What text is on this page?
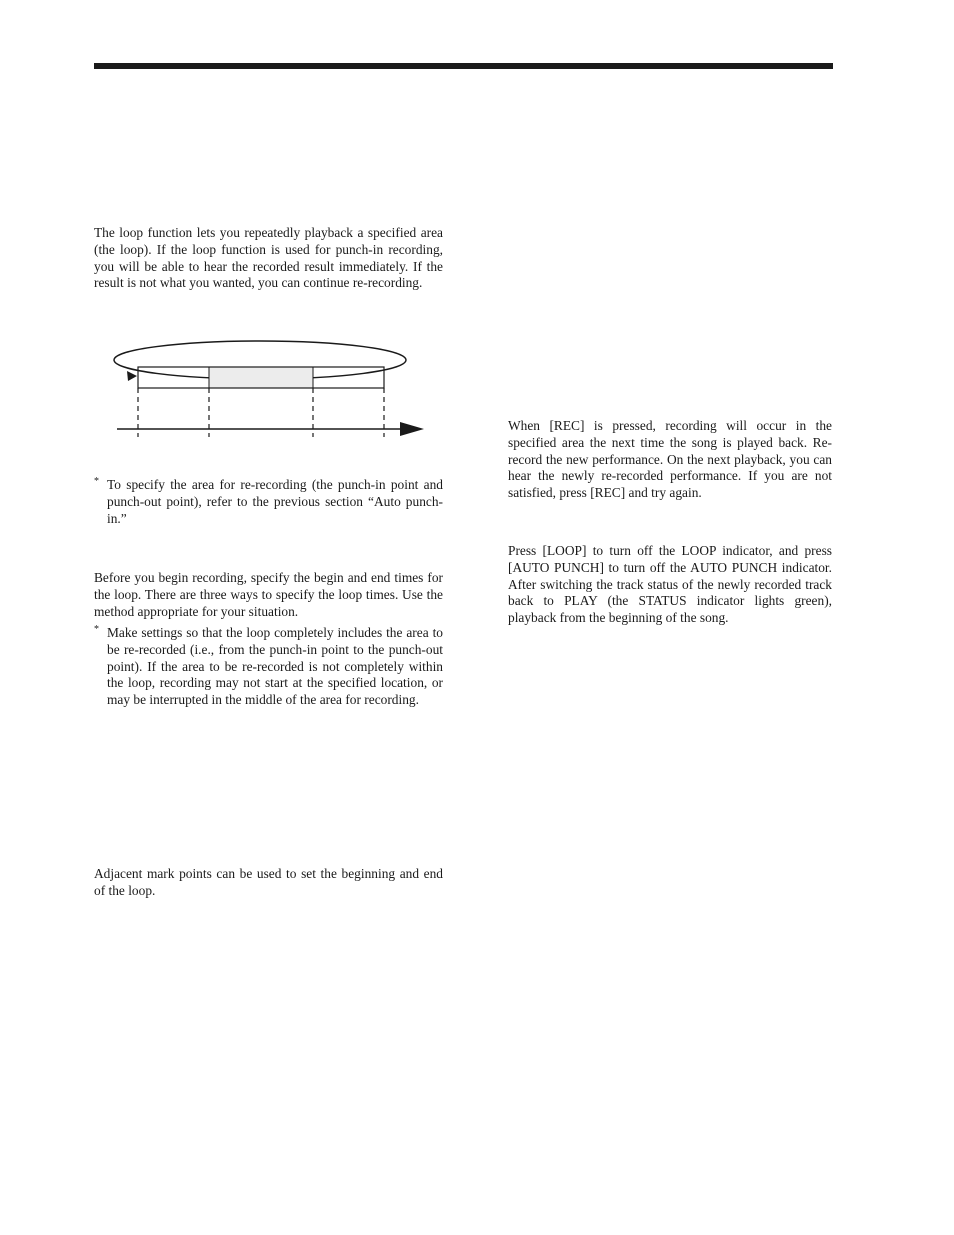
The loop function lets you repeatedly playback a specified area (the loop). If the loop function is used for punch-in recording, you will be able to hear the recorded result immediately. If the result is not what you wanted, you can continue re-recording.

* To specify the area for re-recording (the punch-in point and punch-out point), refer to the previous section “Auto punch-in.”

Before you begin recording, specify the begin and end times for the loop. There are three ways to specify the loop times. Use the method appropriate for your situation.

* Make settings so that the loop completely includes the area to be re-recorded (i.e., from the punch-in point to the punch-out point). If the area to be re-recorded is not completely within the loop, recording may not start at the specified location, or may be interrupted in the middle of the area for recording.

Adjacent mark points can be used to set the beginning and end of the loop.

When [REC] is pressed, recording will occur in the specified area the next time the song is played back. Re-record the new performance. On the next playback, you can hear the newly re-recorded performance. If you are not satisfied, press [REC] and try again.

Press [LOOP] to turn off the LOOP indicator, and press [AUTO PUNCH] to turn off the AUTO PUNCH indicator. After switching the track status of the newly recorded track back to PLAY (the STATUS indicator lights green), playback from the beginning of the song.
